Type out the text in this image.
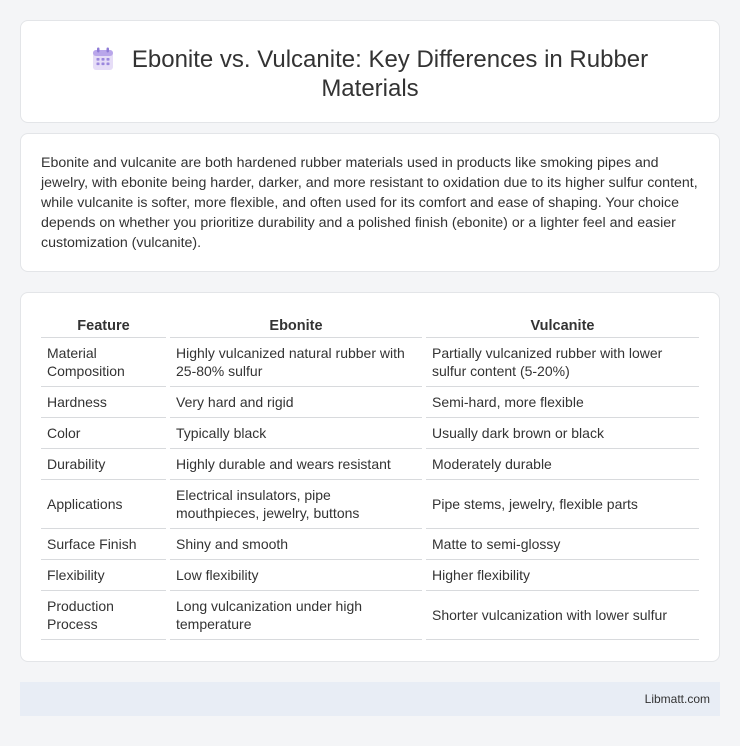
Ebonite vs. Vulcanite: Key Differences in Rubber Materials

Ebonite and vulcanite are both hardened rubber materials used in products like smoking pipes and jewelry, with ebonite being harder, darker, and more resistant to oxidation due to its higher sulfur content, while vulcanite is softer, more flexible, and often used for its comfort and ease of shaping. Your choice depends on whether you prioritize durability and a polished finish (ebonite) or a lighter feel and easier customization (vulcanite).

Feature	Ebonite	Vulcanite
Material Composition	Highly vulcanized natural rubber with 25-80% sulfur	Partially vulcanized rubber with lower sulfur content (5-20%)
Hardness	Very hard and rigid	Semi-hard, more flexible
Color	Typically black	Usually dark brown or black
Durability	Highly durable and wears resistant	Moderately durable
Applications	Electrical insulators, pipe mouthpieces, jewelry, buttons	Pipe stems, jewelry, flexible parts
Surface Finish	Shiny and smooth	Matte to semi-glossy
Flexibility	Low flexibility	Higher flexibility
Production Process	Long vulcanization under high temperature	Shorter vulcanization with lower sulfur
Libmatt.com
